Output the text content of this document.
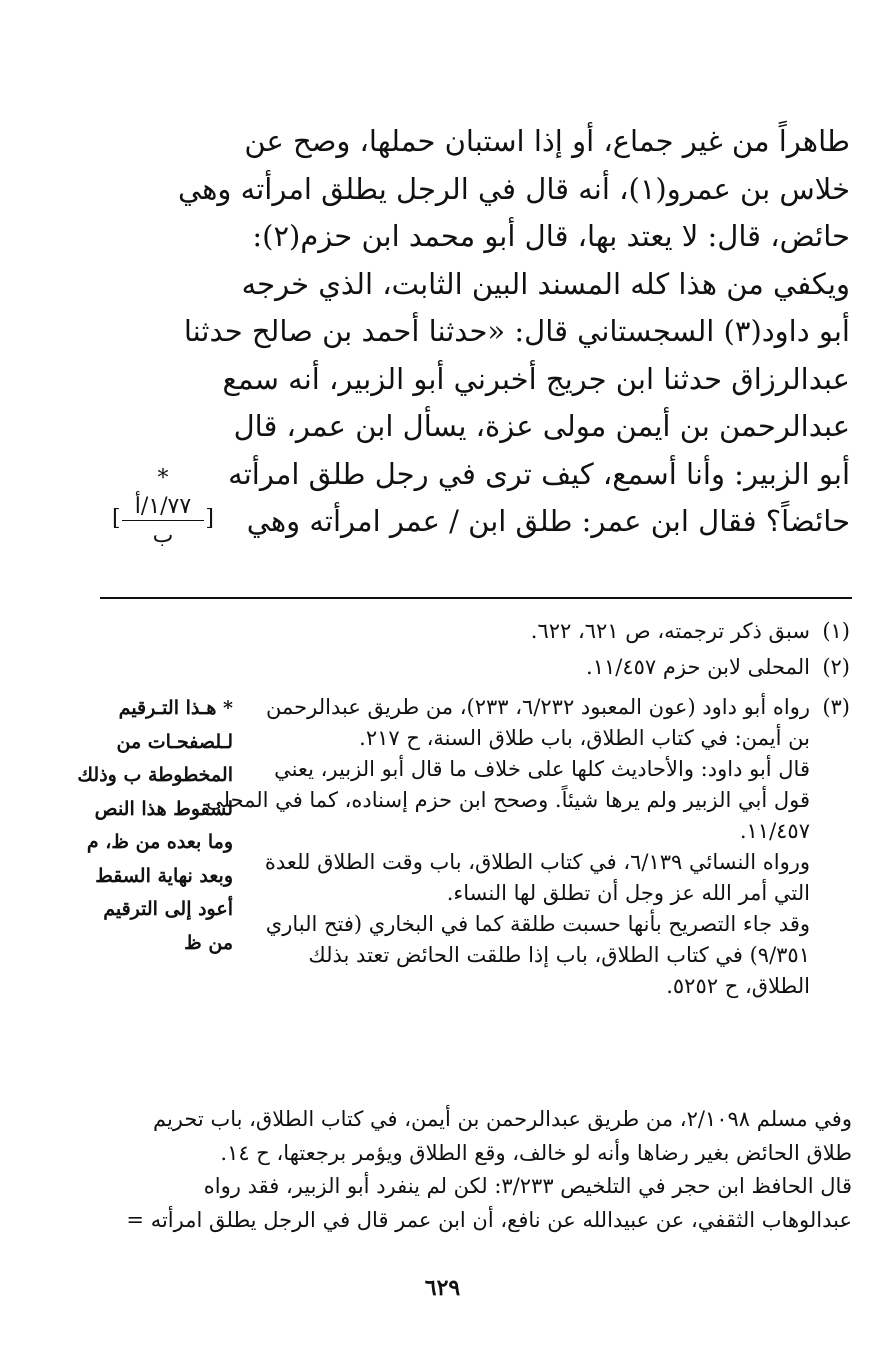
طاهراً من غير جماع، أو إذا استبان حملها، وصح عن
خلاس بن عمرو(١)، أنه قال في الرجل يطلق امرأته وهي
حائض، قال: لا يعتد بها، قال أبو محمد ابن حزم(٢):
ويكفي من هذا كله المسند البين الثابت، الذي خرجه
أبو داود(٣) السجستاني قال: «حدثنا أحمد بن صالح حدثنا
عبدالرزاق حدثنا ابن جريج أخبرني أبو الزبير، أنه سمع
عبدالرحمن بن أيمن مولى عزة، يسأل ابن عمر، قال
أبو الزبير: وأنا أسمع، كيف ترى في رجل طلق امرأته
حائضاً؟ فقال ابن عمر: طلق ابن / عمر امرأته وهي
*
[ ١/٧٧/أ
ب
]
(١)
سبق ذكر ترجمته، ص ٦٢١، ٦٢٢.
(٢)
المحلى لابن حزم ١١/٤٥٧.
(٣)
رواه أبو داود (عون المعبود ٦/٢٣٢، ٢٣٣)، من طريق عبدالرحمن
بن أيمن: في كتاب الطلاق، باب طلاق السنة، ح ٢١٧.
قال أبو داود: والأحاديث كلها على خلاف ما قال أبو الزبير، يعني
قول أبي الزبير ولم يرها شيئاً. وصحح ابن حزم إسناده، كما في المحلى
١١/٤٥٧.
ورواه النسائي ٦/١٣٩، في كتاب الطلاق، باب وقت الطلاق للعدة
التي أمر الله عز وجل أن تطلق لها النساء.
وقد جاء التصريح بأنها حسبت طلقة كما في البخاري (فتح الباري
٩/٣٥١) في كتاب الطلاق، باب إذا طلقت الحائض تعتد بذلك
الطلاق، ح ٥٢٥٢.
* هـذا التـرقيم
لـلصفحـات من
المخطوطة ب وذلك
لسقوط هذا النص
وما بعده من ظ، م
وبعد نهاية السقط
أعود إلى الترقيم
من ظ
وفي مسلم ٢/١٠٩٨، من طريق عبدالرحمن بن أيمن، في كتاب الطلاق، باب تحريم
طلاق الحائض بغير رضاها وأنه لو خالف، وقع الطلاق ويؤمر برجعتها، ح ١٤.
قال الحافظ ابن حجر في التلخيص ٣/٢٣٣: لكن لم ينفرد أبو الزبير، فقد رواه
عبدالوهاب الثقفي، عن عبيدالله عن نافع، أن ابن عمر قال في الرجل يطلق امرأته =
٦٢٩
